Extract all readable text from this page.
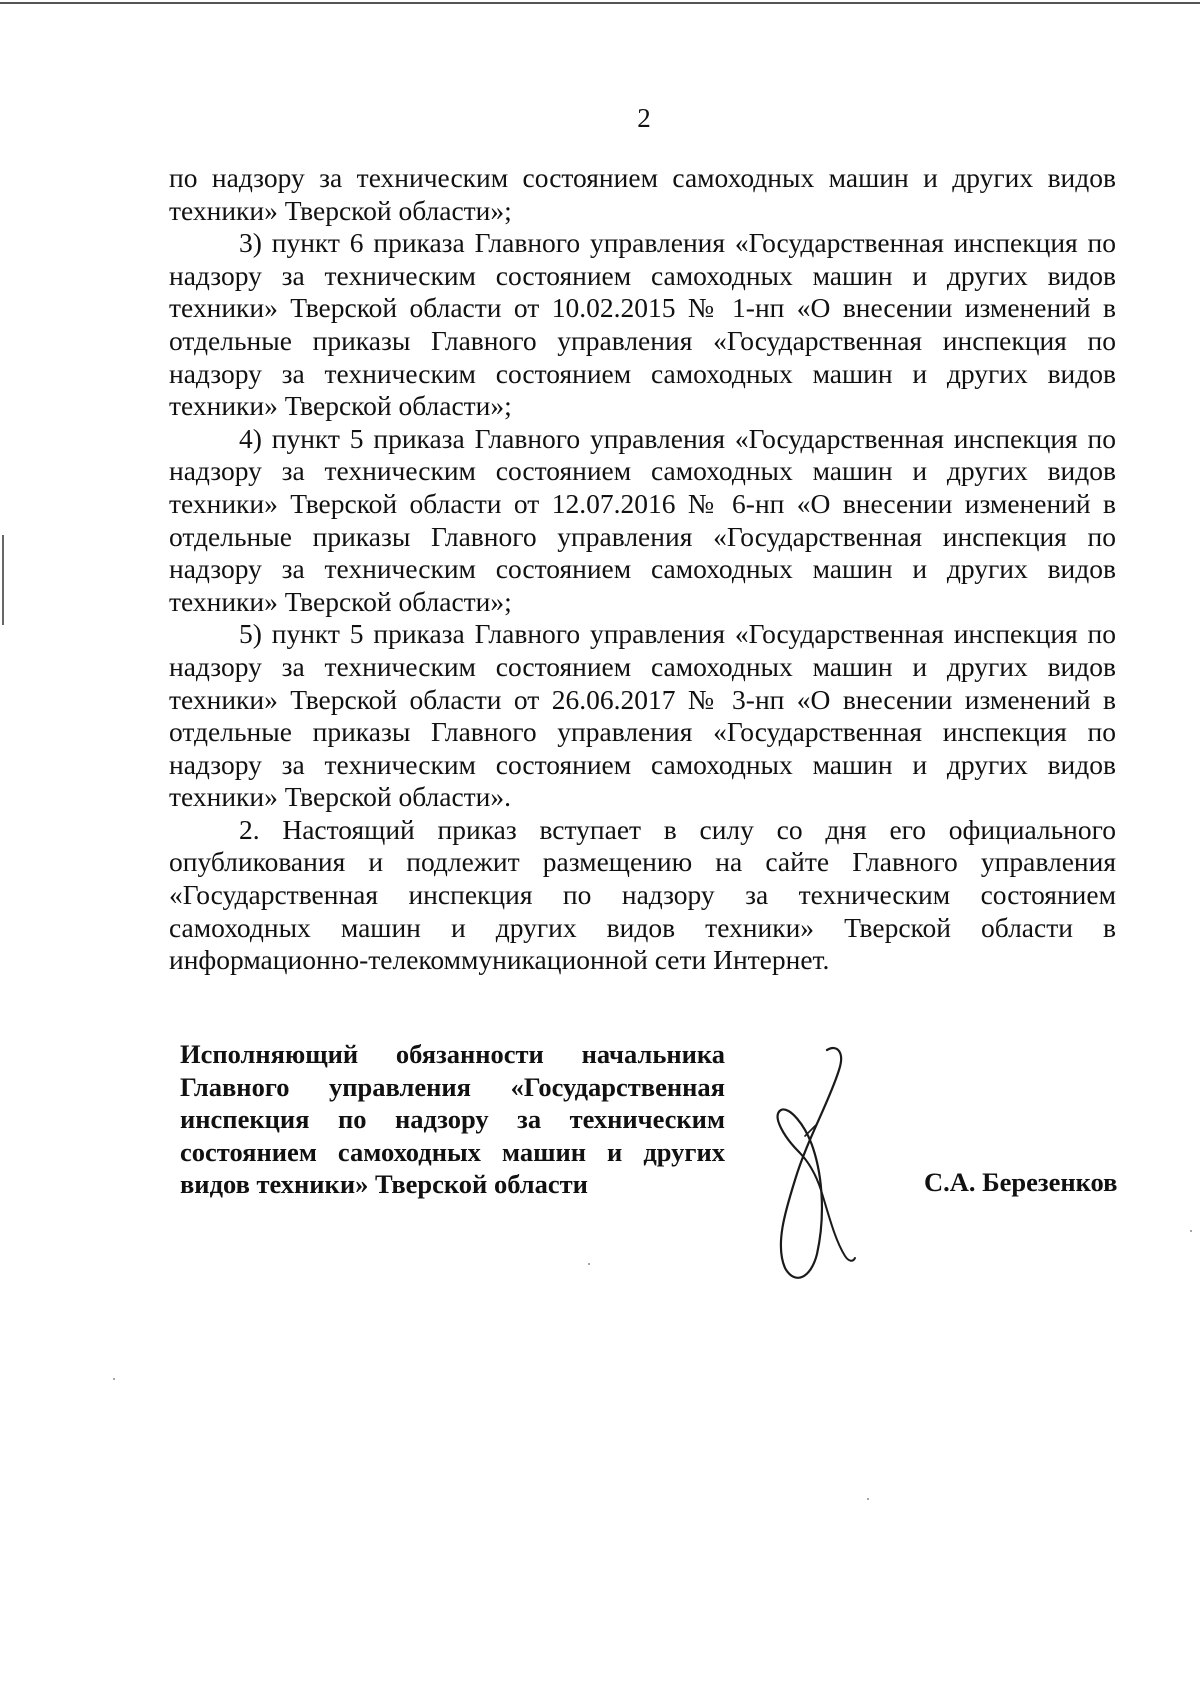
2

по надзору за техническим состоянием самоходных машин и других видов техники» Тверской области»;

3) пункт 6 приказа Главного управления «Государственная инспекция по надзору за техническим состоянием самоходных машин и других видов техники» Тверской области от 10.02.2015 № 1-нп «О внесении изменений в отдельные приказы Главного управления «Государственная инспекция по надзору за техническим состоянием самоходных машин и других видов техники» Тверской области»;

4) пункт 5 приказа Главного управления «Государственная инспекция по надзору за техническим состоянием самоходных машин и других видов техники» Тверской области от 12.07.2016 № 6-нп «О внесении изменений в отдельные приказы Главного управления «Государственная инспекция по надзору за техническим состоянием самоходных машин и других видов техники» Тверской области»;

5) пункт 5 приказа Главного управления «Государственная инспекция по надзору за техническим состоянием самоходных машин и других видов техники» Тверской области от 26.06.2017 № 3-нп «О внесении изменений в отдельные приказы Главного управления «Государственная инспекция по надзору за техническим состоянием самоходных машин и других видов техники» Тверской области».

2. Настоящий приказ вступает в силу со дня его официального опубликования и подлежит размещению на сайте Главного управления «Государственная инспекция по надзору за техническим состоянием самоходных машин и других видов техники» Тверской области в информационно-телекоммуникационной сети Интернет.

Исполняющий обязанности начальника
Главного управления «Государственная
инспекция по надзору за техническим
состоянием самоходных машин и других
видов техники» Тверской области	С.А. Березенков
